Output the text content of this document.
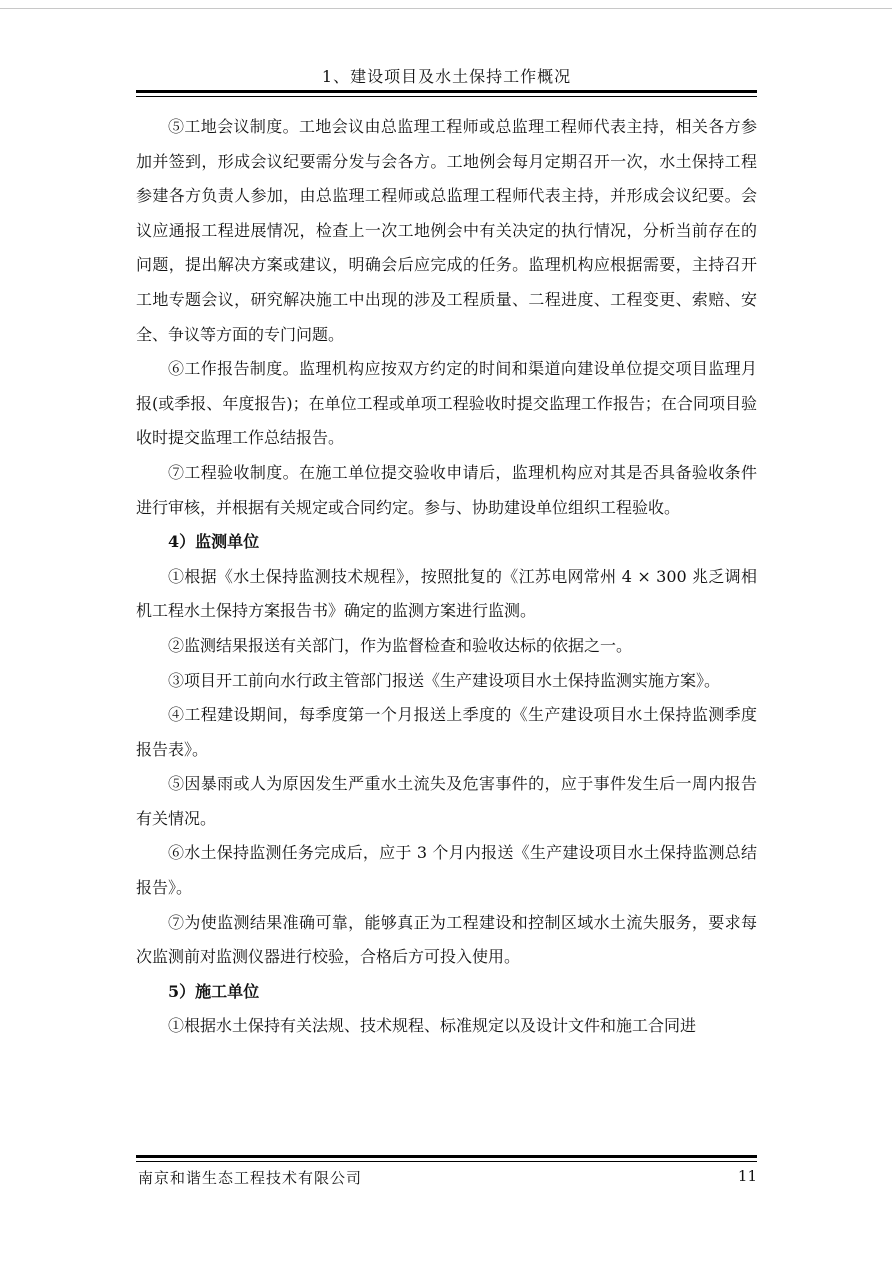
1、建设项目及水土保持工作概况

⑤工地会议制度。工地会议由总监理工程师或总监理工程师代表主持，相关各方参加并签到，形成会议纪要需分发与会各方。工地例会每月定期召开一次，水土保持工程参建各方负责人参加，由总监理工程师或总监理工程师代表主持，并形成会议纪要。会议应通报工程进展情况，检查上一次工地例会中有关决定的执行情况，分析当前存在的问题，提出解决方案或建议，明确会后应完成的任务。监理机构应根据需要，主持召开工地专题会议，研究解决施工中出现的涉及工程质量、二程进度、工程变更、索赔、安全、争议等方面的专门问题。

⑥工作报告制度。监理机构应按双方约定的时间和渠道向建设单位提交项目监理月报(或季报、年度报告)；在单位工程或单项工程验收时提交监理工作报告；在合同项目验收时提交监理工作总结报告。

⑦工程验收制度。在施工单位提交验收申请后，监理机构应对其是否具备验收条件进行审核，并根据有关规定或合同约定。参与、协助建设单位组织工程验收。

4）监测单位

①根据《水土保持监测技术规程》，按照批复的《江苏电网常州 4 × 300 兆乏调相机工程水土保持方案报告书》确定的监测方案进行监测。

②监测结果报送有关部门，作为监督检查和验收达标的依据之一。

③项目开工前向水行政主管部门报送《生产建设项目水土保持监测实施方案》。

④工程建设期间，每季度第一个月报送上季度的《生产建设项目水土保持监测季度报告表》。

⑤因暴雨或人为原因发生严重水土流失及危害事件的，应于事件发生后一周内报告有关情况。

⑥水土保持监测任务完成后，应于 3 个月内报送《生产建设项目水土保持监测总结报告》。

⑦为使监测结果准确可靠，能够真正为工程建设和控制区域水土流失服务，要求每次监测前对监测仪器进行校验，合格后方可投入使用。

5）施工单位

①根据水土保持有关法规、技术规程、标准规定以及设计文件和施工合同进

南京和谐生态工程技术有限公司	11
